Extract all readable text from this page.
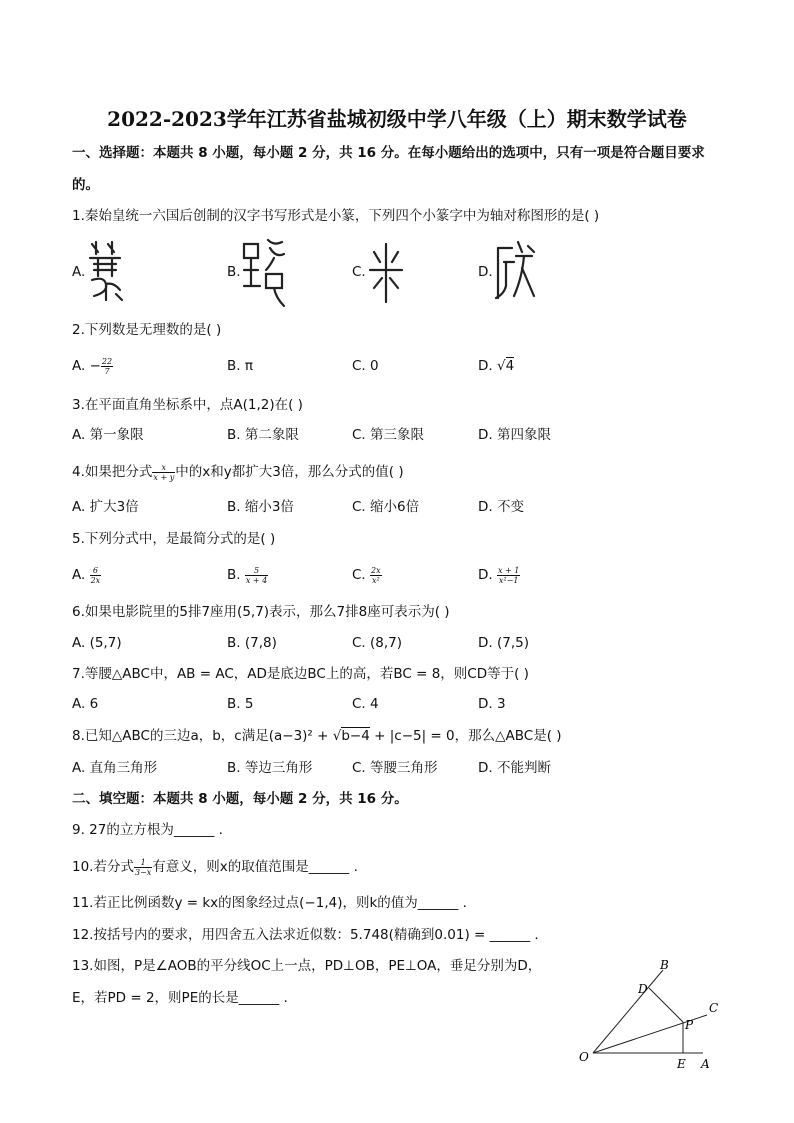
2022-2023学年江苏省盐城初级中学八年级（上）期末数学试卷
一、选择题：本题共 8 小题，每小题 2 分，共 16 分。在每小题给出的选项中，只有一项是符合题目要求
的。
1.秦始皇统一六国后创制的汉字书写形式是小篆，下列四个小篆字中为轴对称图形的是( )
A.	B.	C.	D.
2.下列数是无理数的是( )
A. − $\frac{22}{7}$	B. π	C. 0	D. √4
3.在平面直角坐标系中，点A(1,2)在( )
A. 第一象限	B. 第二象限	C. 第三象限	D. 第四象限
4.如果把分式 $\frac{x}{x + y}$ 中的x和y都扩大3倍，那么分式的值( )
A. 扩大3倍	B. 缩小3倍	C. 缩小6倍	D. 不变
5.下列分式中，是最简分式的是( )
A. $\frac{6}{2x}$	B. $\frac{5}{x + 4}$	C. $\frac{2x}{\text{x²}}$	D. $\frac{x + 1}{\text{x²−1}}$
6.如果电影院里的5排7座用(5,7)表示，那么7排8座可表示为( )
A. (5,7)	B. (7,8)	C. (8,7)	D. (7,5)
7.等腰△ABC中，AB = AC，AD是底边BC上的高，若BC = 8，则CD等于( )
A. 6	B. 5	C. 4	D. 3
8.已知△ABC的三边a，b，c满足(a−3)² + √b−4 + |c−5| = 0，那么△ABC是( )
A. 直角三角形	B. 等边三角形	C. 等腰三角形	D. 不能判断
二、填空题：本题共 8 小题，每小题 2 分，共 16 分。
9. 27的立方根为______ .
10.若分式 $\frac{1}{3-x}$ 有意义，则x的取值范围是______ .
11.若正比例函数y = kx的图象经过点(−1,4)，则k的值为______ .
12.按括号内的要求，用四舍五入法求近似数：5.748(精确到0.01) = ______ .
13.如图，P是∠AOB的平分线OC上一点，PD⊥OB，PE⊥OA，垂足分别为D，
E，若PD = 2，则PE的长是______ .
B
D
C
P
O	E A
